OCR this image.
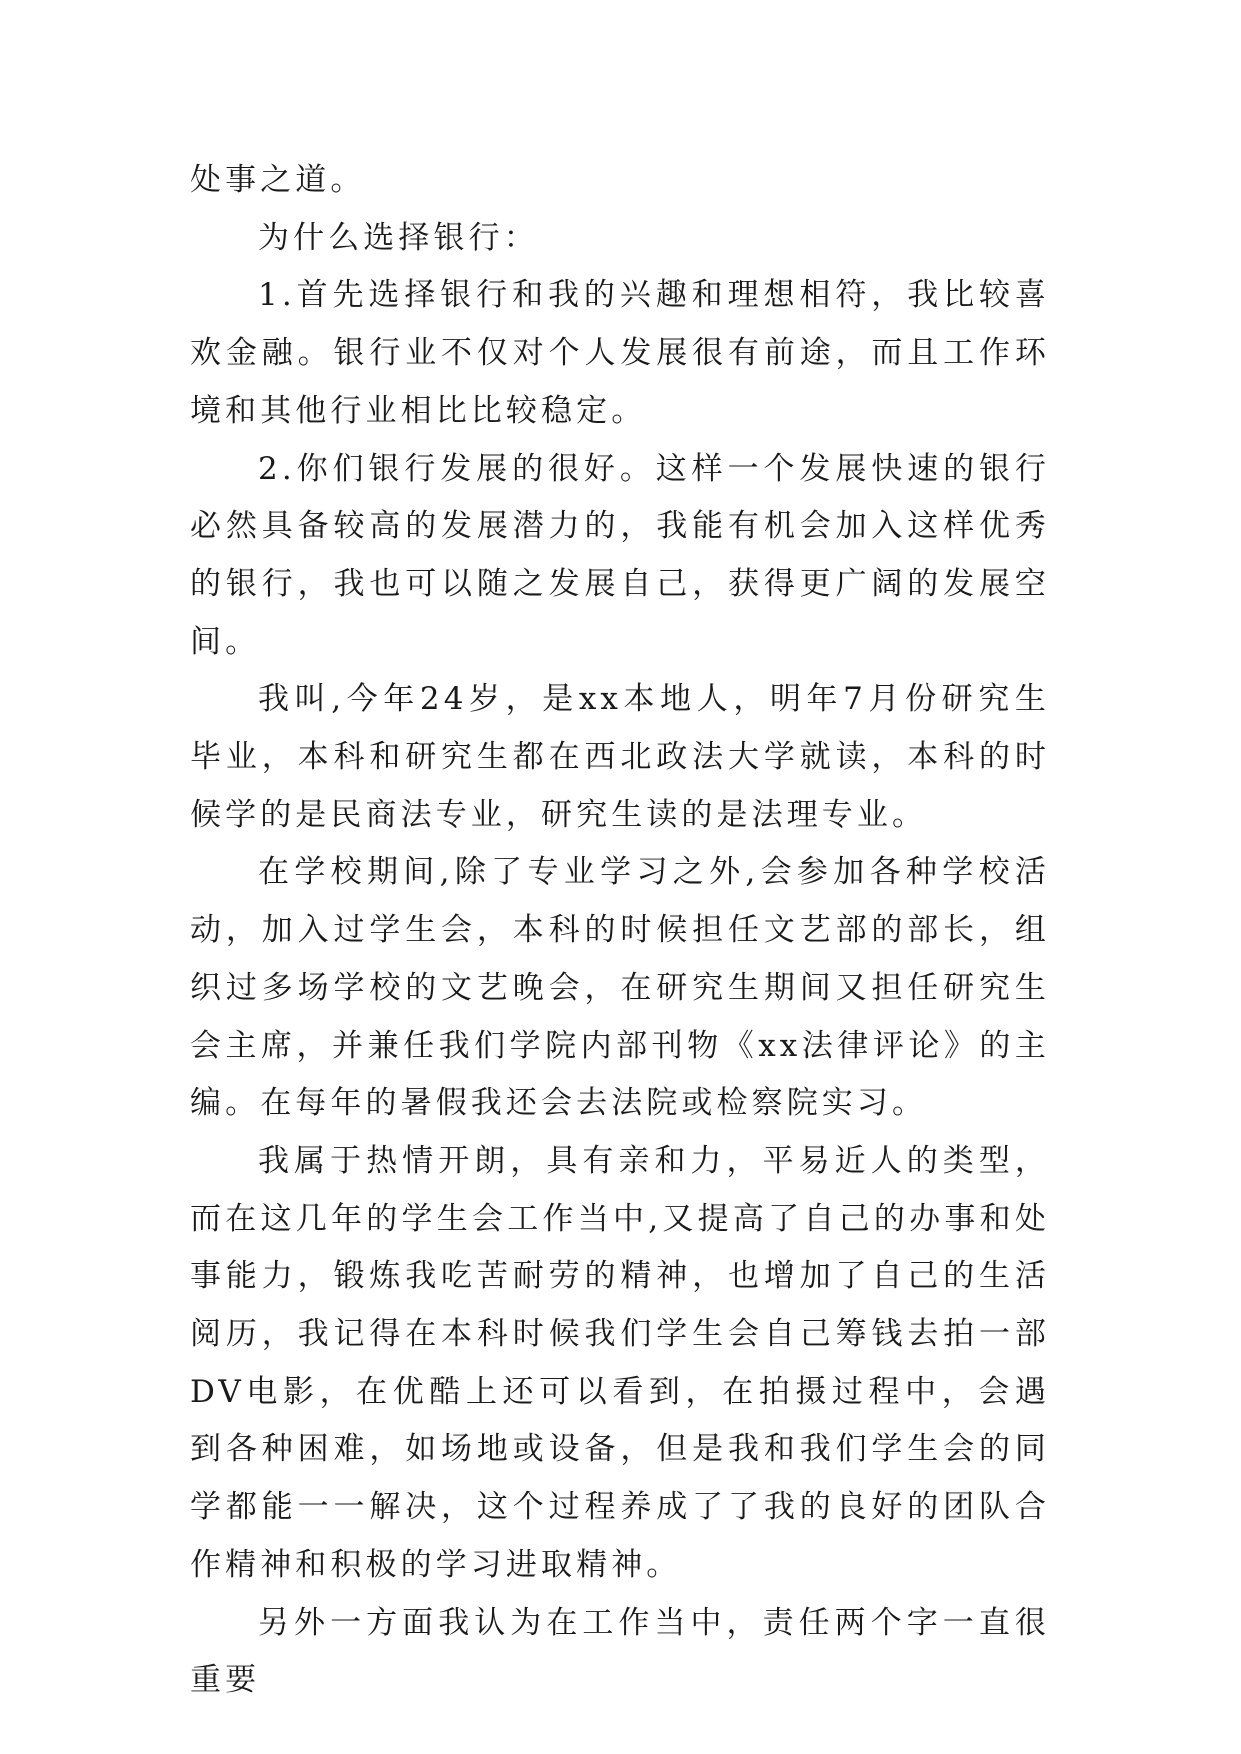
处事之道。

为什么选择银行：

1.首先选择银行和我的兴趣和理想相符，我比较喜欢金融。银行业不仅对个人发展很有前途，而且工作环境和其他行业相比比较稳定。

2.你们银行发展的很好。这样一个发展快速的银行必然具备较高的发展潜力的，我能有机会加入这样优秀的银行，我也可以随之发展自己，获得更广阔的发展空间。

我叫,今年24岁，是xx本地人，明年7月份研究生毕业，本科和研究生都在西北政法大学就读，本科的时候学的是民商法专业，研究生读的是法理专业。

在学校期间,除了专业学习之外,会参加各种学校活动，加入过学生会，本科的时候担任文艺部的部长，组织过多场学校的文艺晚会，在研究生期间又担任研究生会主席，并兼任我们学院内部刊物《xx法律评论》的主编。在每年的暑假我还会去法院或检察院实习。

我属于热情开朗，具有亲和力，平易近人的类型，而在这几年的学生会工作当中,又提高了自己的办事和处事能力，锻炼我吃苦耐劳的精神，也增加了自己的生活阅历，我记得在本科时候我们学生会自己筹钱去拍一部DV电影，在优酷上还可以看到，在拍摄过程中，会遇到各种困难，如场地或设备，但是我和我们学生会的同学都能一一解决，这个过程养成了了我的良好的团队合作精神和积极的学习进取精神。

另外一方面我认为在工作当中，责任两个字一直很重要
